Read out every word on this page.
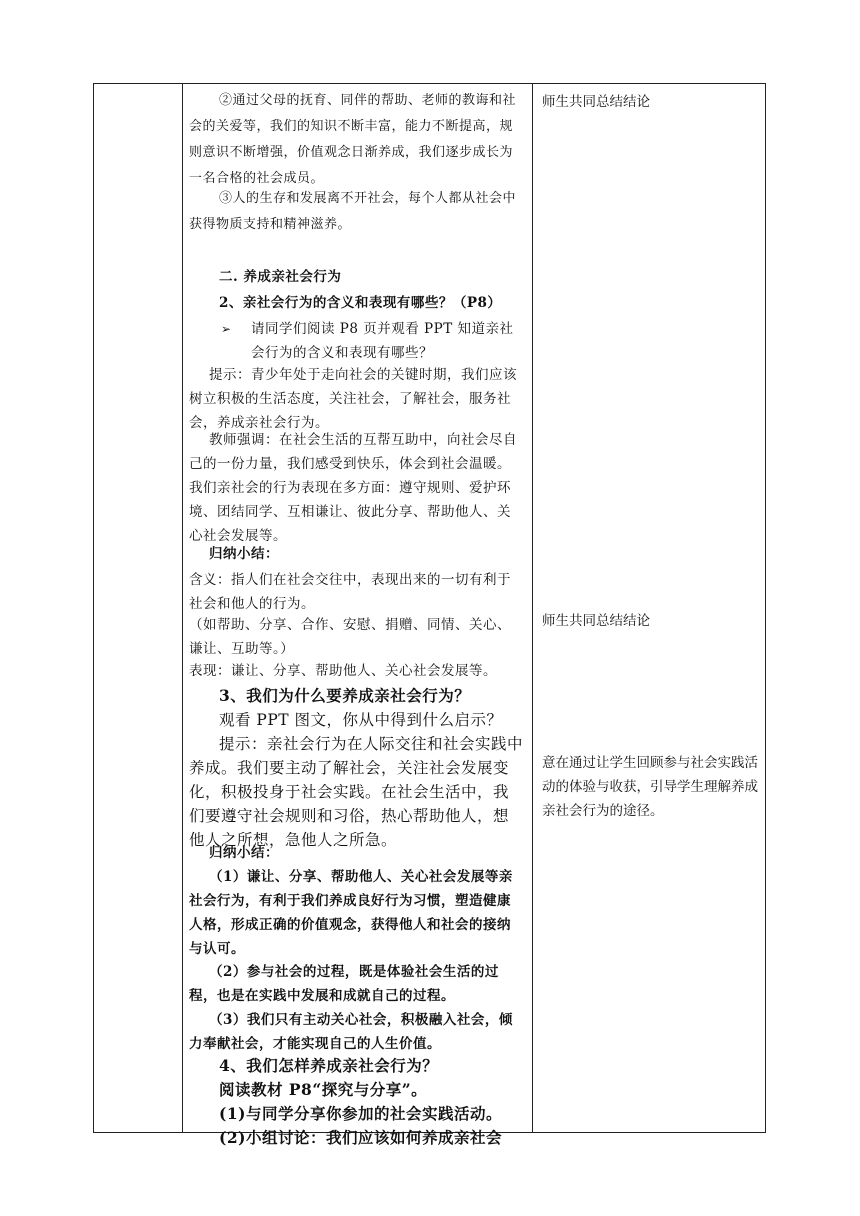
②通过父母的抚育、同伴的帮助、老师的教诲和社会的关爱等，我们的知识不断丰富，能力不断提高，规则意识不断增强，价值观念日渐养成，我们逐步成长为一名合格的社会成员。

③人的生存和发展离不开社会，每个人都从社会中获得物质支持和精神滋养。

二. 养成亲社会行为

2、亲社会行为的含义和表现有哪些？（P8）

➢ 请同学们阅读 P8 页并观看 PPT 知道亲社会行为的含义和表现有哪些？

提示：青少年处于走向社会的关键时期，我们应该树立积极的生活态度，关注社会，了解社会，服务社会，养成亲社会行为。

教师强调：在社会生活的互帮互助中，向社会尽自己的一份力量，我们感受到快乐，体会到社会温暖。我们亲社会的行为表现在多方面：遵守规则、爱护环境、团结同学、互相谦让、彼此分享、帮助他人、关心社会发展等。

归纳小结：

含义：指人们在社会交往中，表现出来的一切有利于社会和他人的行为。

（如帮助、分享、合作、安慰、捐赠、同情、关心、谦让、互助等。）

表现：谦让、分享、帮助他人、关心社会发展等。

3、我们为什么要养成亲社会行为？

观看 PPT 图文，你从中得到什么启示？

提示：亲社会行为在人际交往和社会实践中养成。我们要主动了解社会，关注社会发展变化，积极投身于社会实践。在社会生活中，我们要遵守社会规则和习俗，热心帮助他人，想他人之所想，急他人之所急。

归纳小结：

（1）谦让、分享、帮助他人、关心社会发展等亲社会行为，有利于我们养成良好行为习惯，塑造健康人格，形成正确的价值观念，获得他人和社会的接纳与认可。

（2）参与社会的过程，既是体验社会生活的过程，也是在实践中发展和成就自己的过程。

（3）我们只有主动关心社会，积极融入社会，倾力奉献社会，才能实现自己的人生价值。

4、我们怎样养成亲社会行为？

阅读教材 P8“探究与分享”。

(1)与同学分享你参加的社会实践活动。

(2)小组讨论：我们应该如何养成亲社会

师生共同总结结论

师生共同总结结论

意在通过让学生回顾参与社会实践活动的体验与收获，引导学生理解养成亲社会行为的途径。
